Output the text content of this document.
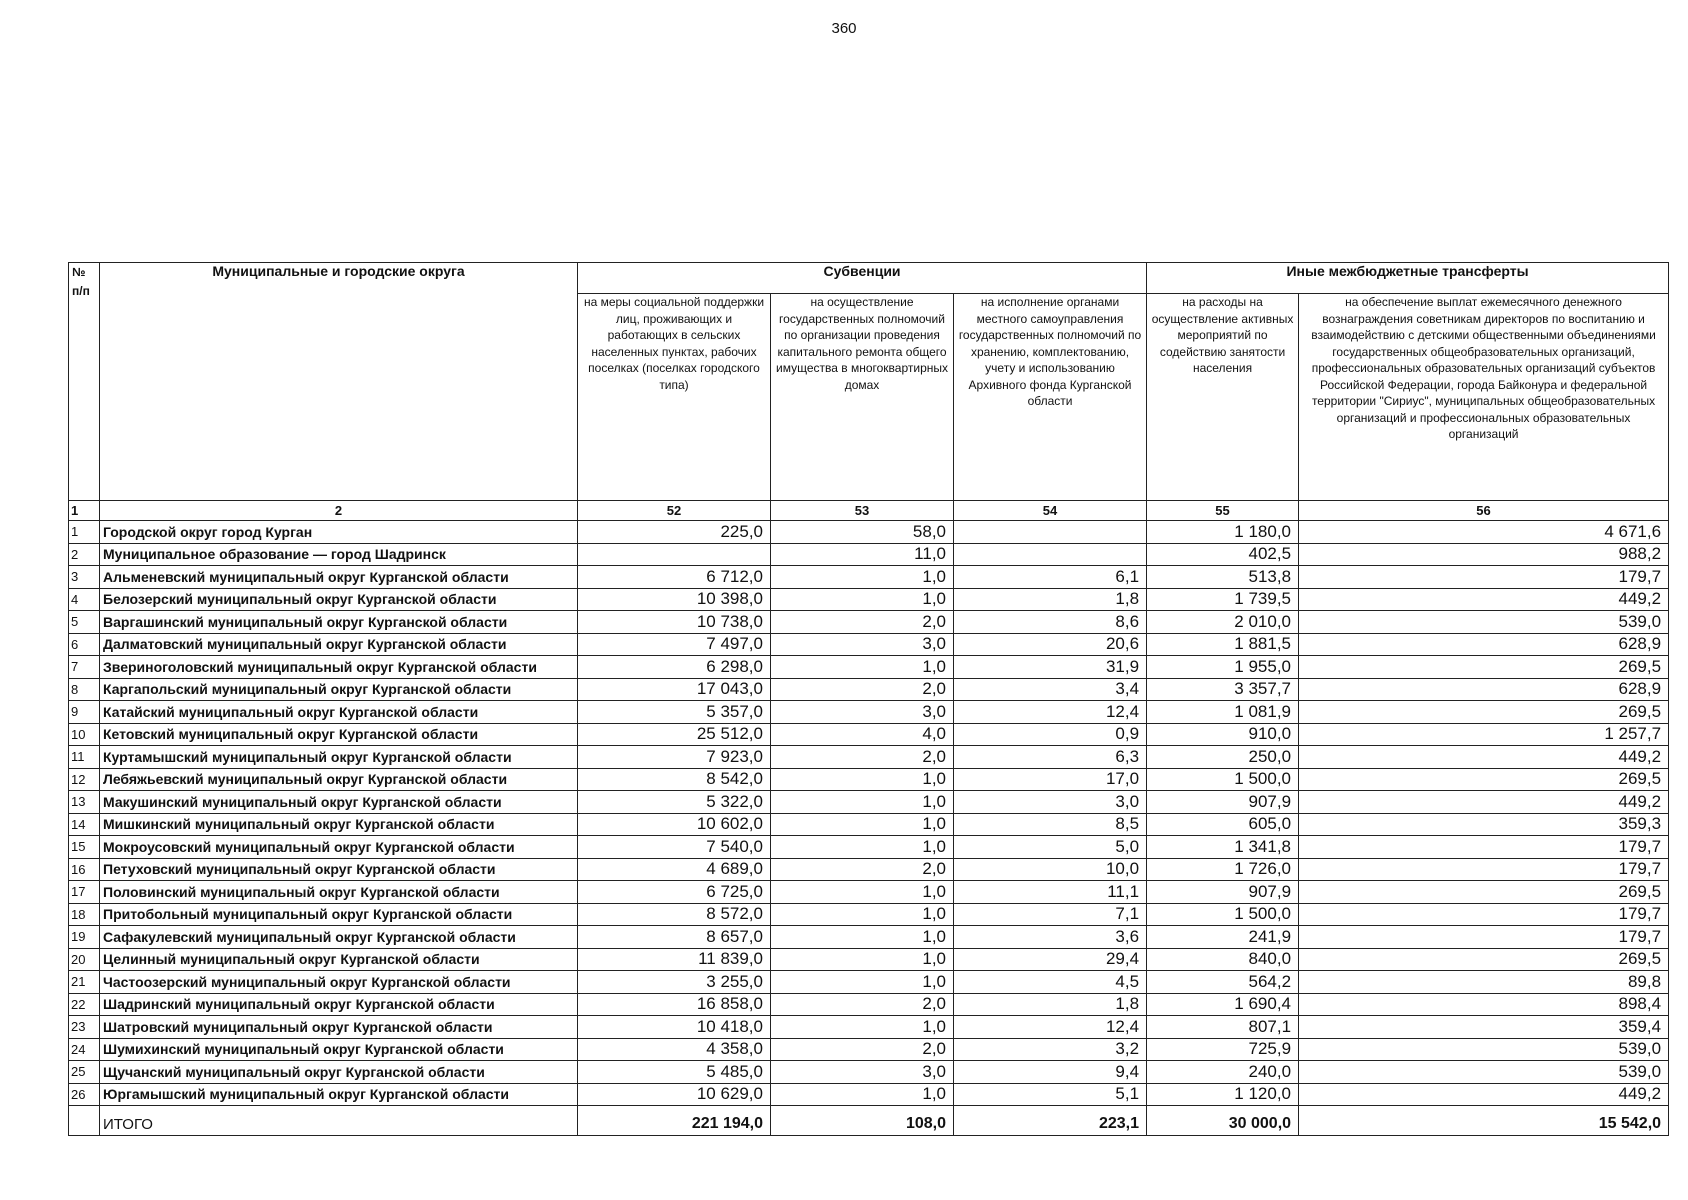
360
№ п/п	Муниципальные и городские округа	Субвенции			Иные межбюджетные трансферты	
		на меры социальной поддержки лиц, проживающих и работающих в сельских населенных пунктах, рабочих поселках (поселках городского типа)	на осуществление государственных полномочий по организации проведения капитального ремонта общего имущества в многоквартирных домах	на исполнение органами местного самоуправления государственных полномочий по хранению, комплектованию, учету и использованию Архивного фонда Курганской области	на расходы на осуществление активных мероприятий по содействию занятости населения	на обеспечение выплат ежемесячного денежного вознаграждения советникам директоров по воспитанию и взаимодействию с детскими общественными объединениями государственных общеобразовательных организаций, профессиональных образовательных организаций субъектов Российской Федерации, города Байконура и федеральной территории "Сириус", муниципальных общеобразовательных организаций и профессиональных образовательных организаций
1	2	52	53	54	55	56
1	Городской округ город Курган	225,0	58,0		1 180,0	4 671,6
2	Муниципальное образование — город Шадринск		11,0		402,5	988,2
3	Альменевский муниципальный округ Курганской области	6 712,0	1,0	6,1	513,8	179,7
4	Белозерский муниципальный округ Курганской области	10 398,0	1,0	1,8	1 739,5	449,2
5	Варгашинский муниципальный округ Курганской области	10 738,0	2,0	8,6	2 010,0	539,0
6	Далматовский муниципальный округ Курганской области	7 497,0	3,0	20,6	1 881,5	628,9
7	Звериноголовский муниципальный округ Курганской области	6 298,0	1,0	31,9	1 955,0	269,5
8	Каргапольский муниципальный округ Курганской области	17 043,0	2,0	3,4	3 357,7	628,9
9	Катайский муниципальный округ Курганской области	5 357,0	3,0	12,4	1 081,9	269,5
10	Кетовский муниципальный округ Курганской области	25 512,0	4,0	0,9	910,0	1 257,7
11	Куртамышский муниципальный округ Курганской области	7 923,0	2,0	6,3	250,0	449,2
12	Лебяжьевский муниципальный округ Курганской области	8 542,0	1,0	17,0	1 500,0	269,5
13	Макушинский муниципальный округ Курганской области	5 322,0	1,0	3,0	907,9	449,2
14	Мишкинский муниципальный округ Курганской области	10 602,0	1,0	8,5	605,0	359,3
15	Мокроусовский муниципальный округ Курганской области	7 540,0	1,0	5,0	1 341,8	179,7
16	Петуховский муниципальный округ Курганской области	4 689,0	2,0	10,0	1 726,0	179,7
17	Половинский муниципальный округ Курганской области	6 725,0	1,0	11,1	907,9	269,5
18	Притобольный муниципальный округ Курганской области	8 572,0	1,0	7,1	1 500,0	179,7
19	Сафакулевский муниципальный округ Курганской области	8 657,0	1,0	3,6	241,9	179,7
20	Целинный муниципальный округ Курганской области	11 839,0	1,0	29,4	840,0	269,5
21	Частоозерский муниципальный округ Курганской области	3 255,0	1,0	4,5	564,2	89,8
22	Шадринский муниципальный округ Курганской области	16 858,0	2,0	1,8	1 690,4	898,4
23	Шатровский муниципальный округ Курганской области	10 418,0	1,0	12,4	807,1	359,4
24	Шумихинский муниципальный округ Курганской области	4 358,0	2,0	3,2	725,9	539,0
25	Щучанский муниципальный округ Курганской области	5 485,0	3,0	9,4	240,0	539,0
26	Юргамышский муниципальный округ Курганской области	10 629,0	1,0	5,1	1 120,0	449,2
	ИТОГО	221 194,0	108,0	223,1	30 000,0	15 542,0
